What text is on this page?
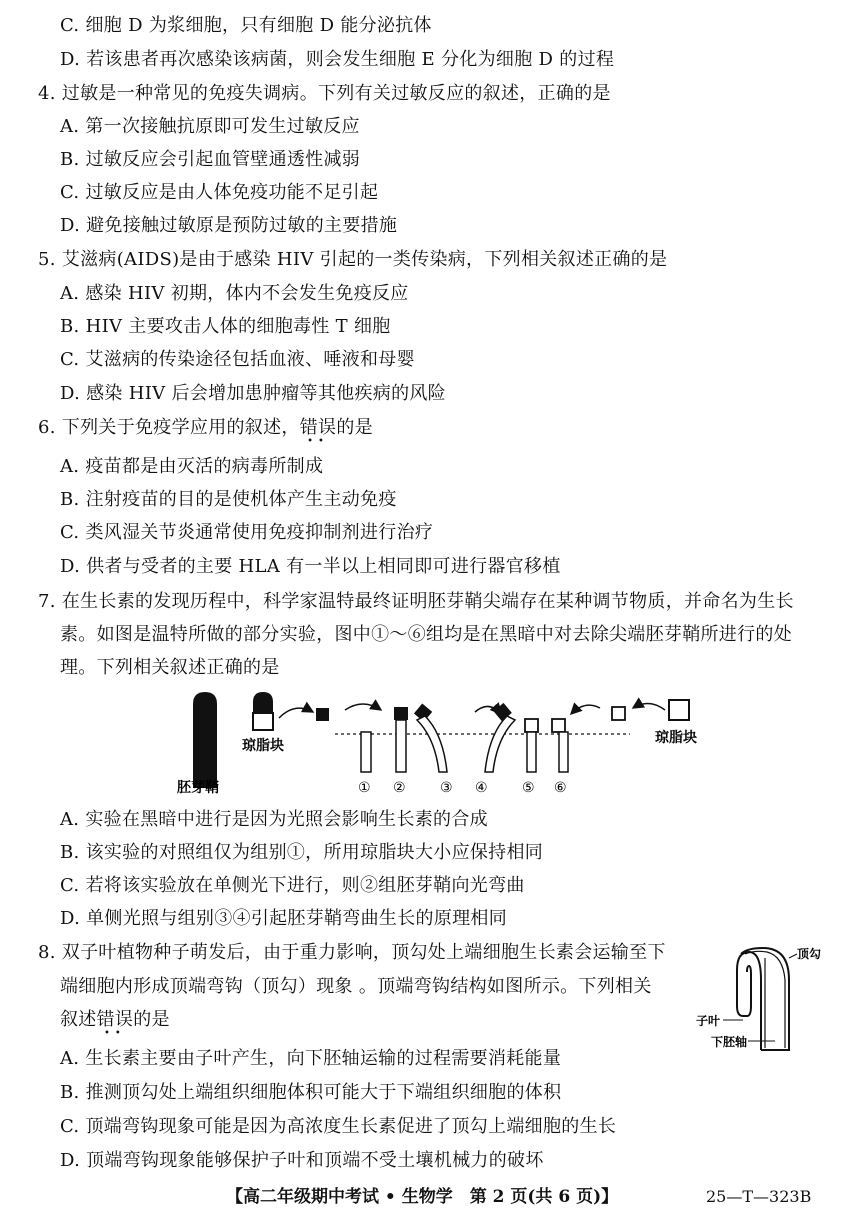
C. 细胞 D 为浆细胞，只有细胞 D 能分泌抗体
D. 若该患者再次感染该病菌，则会发生细胞 E 分化为细胞 D 的过程
4. 过敏是一种常见的免疫失调病。下列有关过敏反应的叙述，正确的是
A. 第一次接触抗原即可发生过敏反应
B. 过敏反应会引起血管壁通透性减弱
C. 过敏反应是由人体免疫功能不足引起
D. 避免接触过敏原是预防过敏的主要措施
5. 艾滋病(AIDS)是由于感染 HIV 引起的一类传染病，下列相关叙述正确的是
A. 感染 HIV 初期，体内不会发生免疫反应
B. HIV 主要攻击人体的细胞毒性 T 细胞
C. 艾滋病的传染途径包括血液、唾液和母婴
D. 感染 HIV 后会增加患肿瘤等其他疾病的风险
6. 下列关于免疫学应用的叙述，错误
••
的是
A. 疫苗都是由灭活的病毒所制成
B. 注射疫苗的目的是使机体产生主动免疫
C. 类风湿关节炎通常使用免疫抑制剂进行治疗
D. 供者与受者的主要 HLA 有一半以上相同即可进行器官移植
7. 在生长素的发现历程中，科学家温特最终证明胚芽鞘尖端存在某种调节物质，并命名为生长
素。如图是温特所做的部分实验，图中①～⑥组均是在黑暗中对去除尖端胚芽鞘所进行的处
理。下列相关叙述正确的是
胚芽鞘
琼脂块	琼脂块
① ② ③ ④ ⑤ ⑥
A. 实验在黑暗中进行是因为光照会影响生长素的合成
B. 该实验的对照组仅为组别①，所用琼脂块大小应保持相同
C. 若将该实验放在单侧光下进行，则②组胚芽鞘向光弯曲
D. 单侧光照与组别③④引起胚芽鞘弯曲生长的原理相同
8. 双子叶植物种子萌发后，由于重力影响，顶勾处上端细胞生长素会运输至下
端细胞内形成顶端弯钩（顶勾）现象 。顶端弯钩结构如图所示。下列相关
叙述错误
••
的是
顶勾
子叶
下胚轴
A. 生长素主要由子叶产生，向下胚轴运输的过程需要消耗能量
B. 推测顶勾处上端组织细胞体积可能大于下端组织细胞的体积
C. 顶端弯钩现象可能是因为高浓度生长素促进了顶勾上端细胞的生长
D. 顶端弯钩现象能够保护子叶和顶端不受土壤机械力的破坏
【高二年级期中考试 • 生物学　第 2 页(共 6 页)】	25—T—323B
